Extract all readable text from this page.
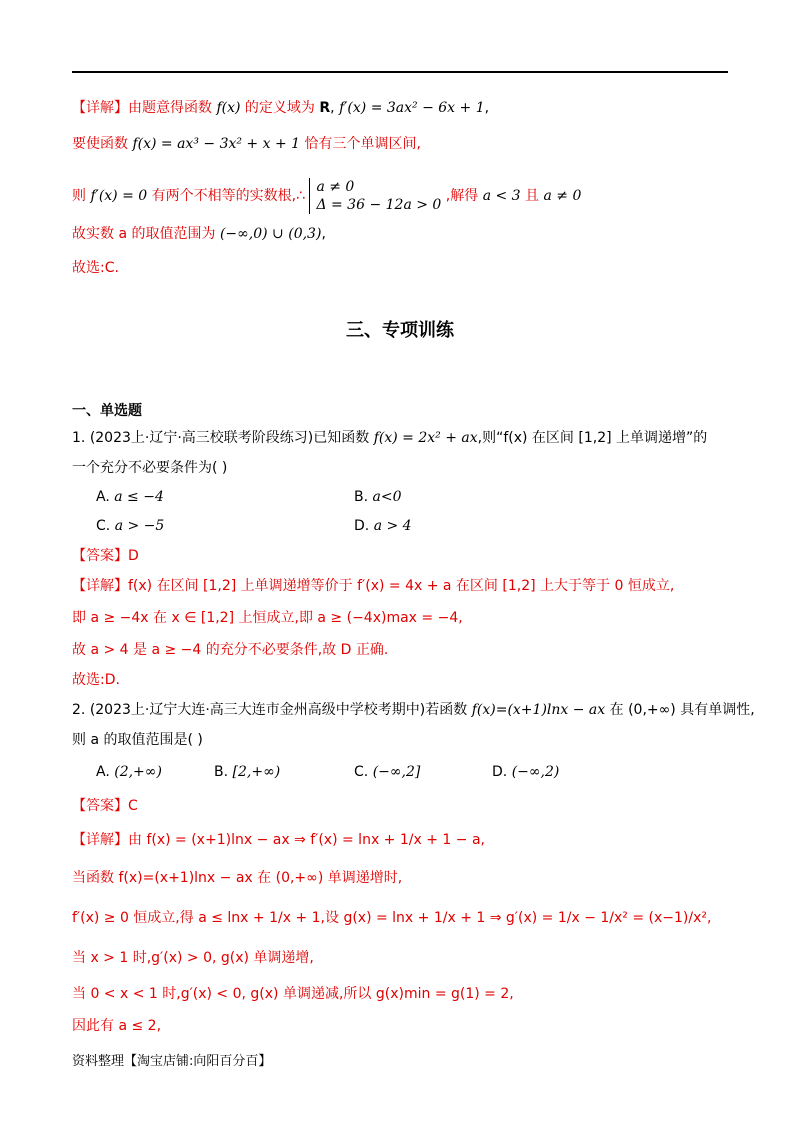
【详解】由题意得函数 f(x) 的定义域为 R, f′(x) = 3ax² − 6x + 1,
要使函数 f(x) = ax³ − 3x² + x + 1 恰有三个单调区间,
则 f′(x) = 0 有两个不相等的实数根,∴
a ≠ 0
Δ = 36 − 12a > 0
,解得 a < 3 且 a ≠ 0
故实数 a 的取值范围为 (−∞,0) ∪ (0,3),
故选:C.
三、专项训练
一、单选题
1. (2023上·辽宁·高三校联考阶段练习)已知函数 f(x) = 2x² + ax,则“f(x) 在区间 [1,2] 上单调递增”的
一个充分不必要条件为( )
A. a ≤ −4	B. a<0
C. a > −5	D. a > 4
【答案】D
【详解】f(x) 在区间 [1,2] 上单调递增等价于 f′(x) = 4x + a 在区间 [1,2] 上大于等于 0 恒成立,
即 a ≥ −4x 在 x ∈ [1,2] 上恒成立,即 a ≥ (−4x)max = −4,
故 a > 4 是 a ≥ −4 的充分不必要条件,故 D 正确.
故选:D.
2. (2023上·辽宁大连·高三大连市金州高级中学校考期中)若函数 f(x)=(x+1)lnx − ax 在 (0,+∞) 具有单调性,
则 a 的取值范围是( )
A. (2,+∞)	B. [2,+∞)	C. (−∞,2]	D. (−∞,2)
【答案】C
【详解】由 f(x) = (x+1)lnx − ax ⇒ f′(x) = lnx + 1/x + 1 − a,
当函数 f(x)=(x+1)lnx − ax 在 (0,+∞) 单调递增时,
f′(x) ≥ 0 恒成立,得 a ≤ lnx + 1/x + 1,设 g(x) = lnx + 1/x + 1 ⇒ g′(x) = 1/x − 1/x² = (x−1)/x²,
当 x > 1 时,g′(x) > 0, g(x) 单调递增,
当 0 < x < 1 时,g′(x) < 0, g(x) 单调递减,所以 g(x)min = g(1) = 2,
因此有 a ≤ 2,
资料整理【淘宝店铺:向阳百分百】
